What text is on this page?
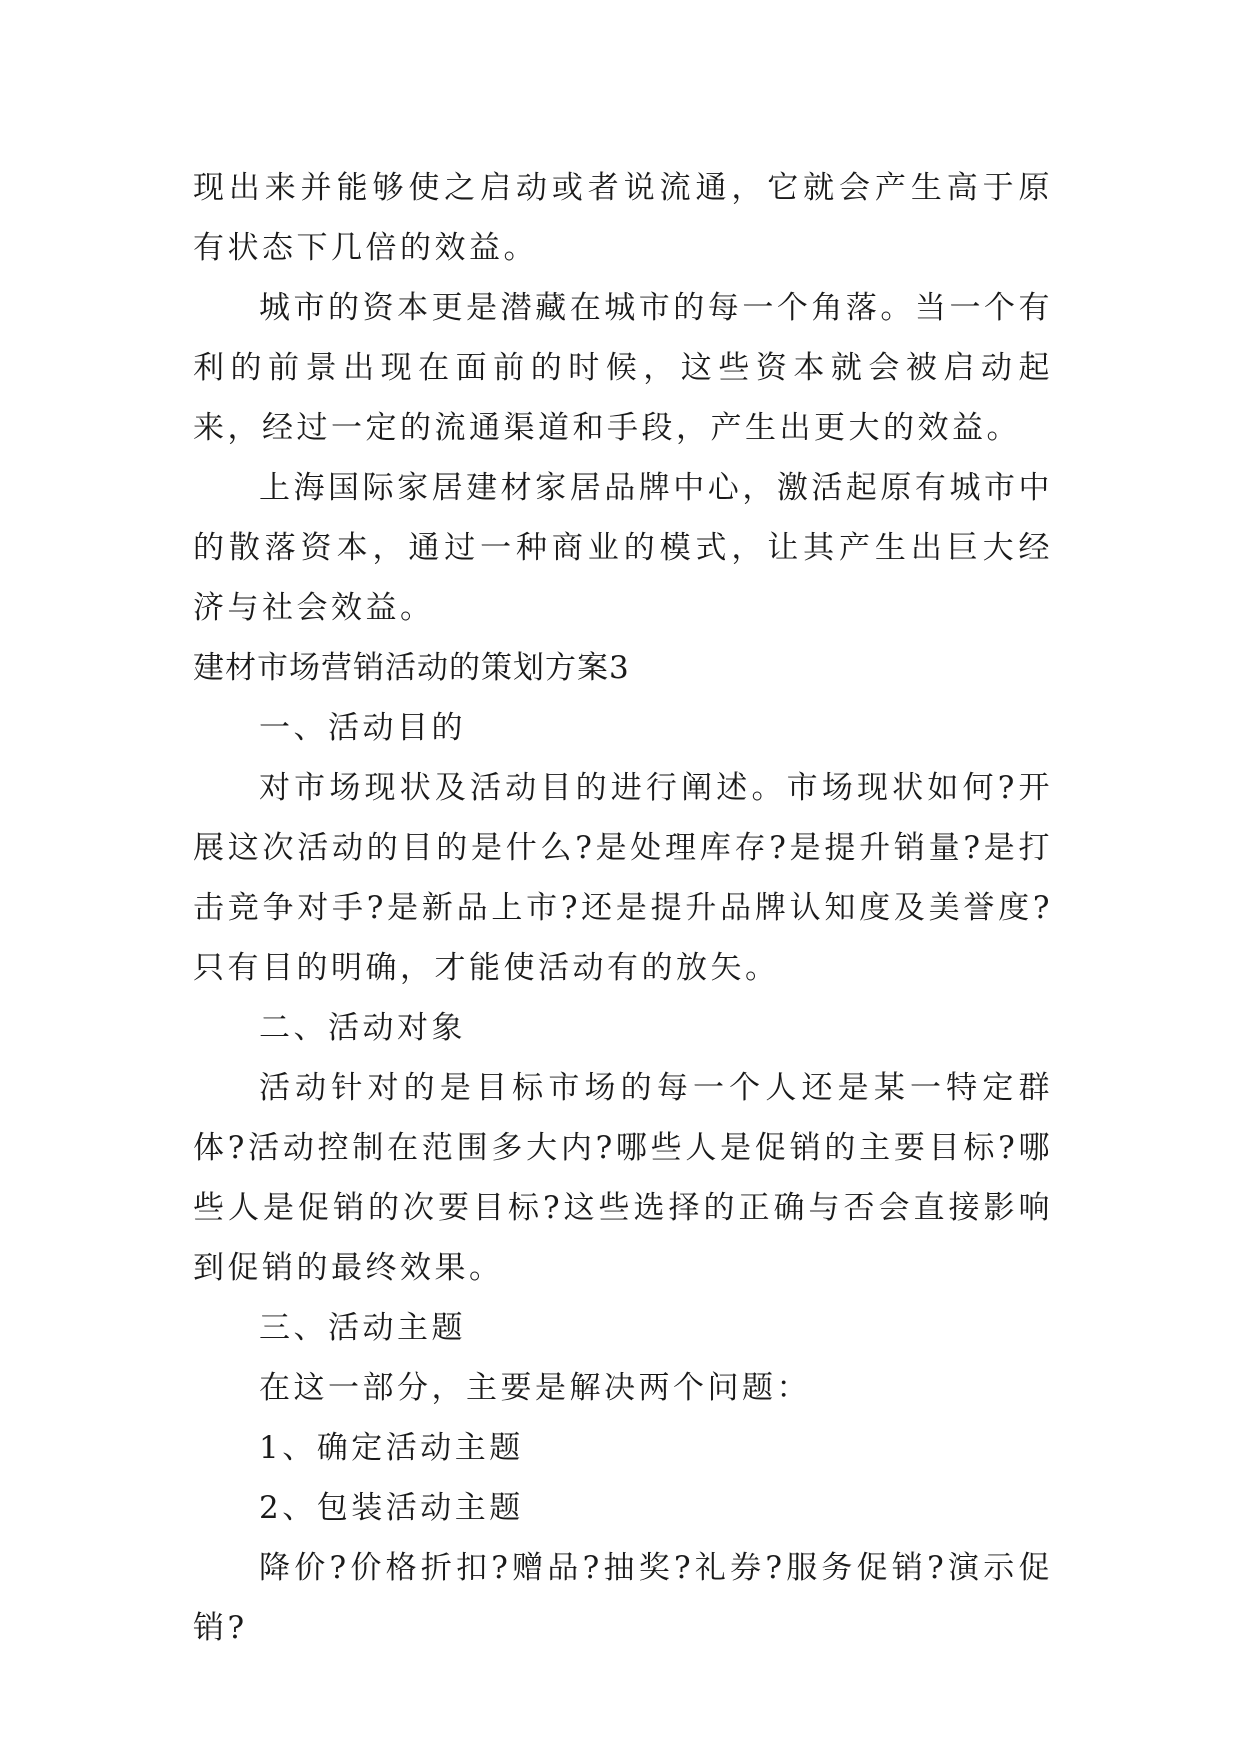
现出来并能够使之启动或者说流通，它就会产生高于原有状态下几倍的效益。

城市的资本更是潜藏在城市的每一个角落。当一个有利的前景出现在面前的时候，这些资本就会被启动起来，经过一定的流通渠道和手段，产生出更大的效益。

上海国际家居建材家居品牌中心，激活起原有城市中的散落资本，通过一种商业的模式，让其产生出巨大经济与社会效益。

建材市场营销活动的策划方案3

一、活动目的

对市场现状及活动目的进行阐述。市场现状如何?开展这次活动的目的是什么?是处理库存?是提升销量?是打击竞争对手?是新品上市?还是提升品牌认知度及美誉度?只有目的明确，才能使活动有的放矢。

二、活动对象

活动针对的是目标市场的每一个人还是某一特定群体?活动控制在范围多大内?哪些人是促销的主要目标?哪些人是促销的次要目标?这些选择的正确与否会直接影响到促销的最终效果。

三、活动主题

在这一部分，主要是解决两个问题：

1、确定活动主题

2、包装活动主题

降价?价格折扣?赠品?抽奖?礼券?服务促销?演示促销?
